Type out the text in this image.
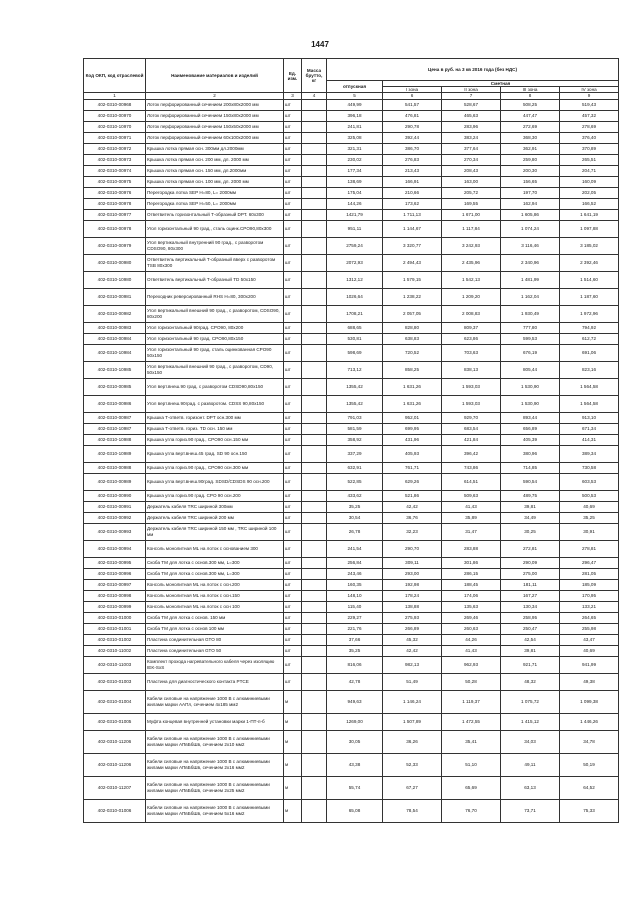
1447
Код ОКП, код отраслевой	Наименование материалов и изделий	Ед. изм.	Масса брутто, кг	Цена в руб. на 3 кв 2016 года (без НДС)				
				отпускная	Сметная			
					I зона	II зона	III зона	IV зона
1	2	3	4	5	6	7	8	9
402-0310-00968	Лоток перфорированный сечением 200х80х2000 мм	шт		449,99	541,57	528,67	508,25	519,43
402-0310-00970	Лоток перфорированный сечением 150х80х2000 мм	шт		396,18	476,81	465,63	447,47	457,32
402-0310-10970	Лоток перфорированный сечением 150х50х2000 мм	шт		241,81	290,78	283,96	272,69	278,69
402-0310-00971	Лоток перфорированный сечением 60х100х2000 мм	шт		325,08	392,44	383,24	368,30	376,40
402-0310-00972	Крышка лотка прямая осн. 300мм дл.2000мм	шт		321,31	386,70	377,64	362,91	370,89
402-0310-00973	Крышка лотка прямая осн. 200 мм, дл. 2000 мм	шт		230,02	276,83	270,34	259,80	265,51
402-0310-00974	Крышка лотка прямая осн. 150 мм, дл.2000мм	шт		177,34	213,43	208,43	200,30	204,71
402-0310-00975	Крышка лотка прямая осн. 100 мм, дл. 2000 мм	шт		138,69	166,91	163,00	156,65	160,09
402-0310-00976	Перегородка лотка SEP H=80, L= 2000мм	шт		175,04	210,66	205,72	197,70	202,05
402-0310-00978	Перегородка лотка SEP H=50, L= 2000мм	шт		144,26	173,62	169,55	162,94	166,52
402-0310-00977	Ответвитель горизонтальный Т-образный DPT. 60х300	шт		1421,79	1 711,13	1 671,00	1 605,86	1 641,19
402-0310-00978	Угол горизонтальный 90 град., сталь оцинк.CPO90,80х300	шт		951,11	1 144,67	1 117,84	1 074,24	1 097,88
402-0310-00979	Угол вертикальный внутренний 90 град., с разворотом CDSO90, 80х300	шт		2759,24	3 320,77	3 242,93	3 116,46	3 185,02
402-0310-00980	Ответвитель вертикальный Т-образный вверх с разворотом TSB 80х300	шт		2072,93	2 494,43	2 435,96	2 340,96	2 392,46
402-0310-10980	Ответвитель вертикальный Т-образный TD 50х150	шт		1312,12	1 579,15	1 542,13	1 481,99	1 514,60
402-0310-00981	Переходник реверсированный RHS H=80, 300х200	шт		1026,64	1 238,22	1 209,20	1 162,04	1 187,60
402-0310-00982	Угол вертикальный внешний 90 град., с разворотом, CDSO90, 80х200	шт		1708,21	2 057,05	2 008,83	1 930,49	1 972,96
402-0310-00983	Угол горизонтальный 90град. CPO90, 80х200	шт		688,65	828,80	809,37	777,80	794,92
402-0310-00984	Угол горизонтальный 90 град. CPO90,80х150	шт		530,81	638,83	623,86	599,53	612,72
402-0310-10984	Угол горизонтальный 90 град. сталь оцинкованная CPO90 50х150	шт		598,69	720,52	703,63	676,19	691,06
402-0310-10985	Угол вертикальный внешний 90 град., с разворотом, CD90, 50х150	шт		713,12	858,25	838,13	805,44	823,16
402-0310-00985	Угол верт.внеш.90 град. с разворотом CDSD90,80х150	шт		1355,42	1 631,26	1 593,03	1 530,90	1 564,58
402-0310-00986	Угол верт.внеш.90град. с разворотом. CDSS 90,80х150	шт		1355,42	1 631,26	1 593,03	1 530,90	1 564,58
402-0310-00987	Крышка Т-ответв. горизонт. DPT осн.300 мм	шт		791,03	952,01	929,70	893,44	913,10
402-0310-10987	Крышка Т-ответв. гориз. TD осн. 150 мм	шт		581,59	699,95	683,54	656,89	671,34
402-0310-10988	Крышка угла гориз.90 град., CPO90 осн.150 мм	шт		358,92	431,96	421,84	405,39	414,31
402-0310-10989	Крышка угла верт.внеш.45 град. SD 90 осн.150	шт		337,29	405,93	396,42	380,96	389,34
402-0310-00988	Крышка угла гориз.90 град., CPO90 осн.300 мм	шт		632,91	761,71	743,86	714,85	730,58
402-0310-00989	Крышка угла верт.внеш.90град. SDSD/CDSDS 90 осн.200	шт		522,85	629,26	614,51	590,54	603,53
402-0310-00990	Крышка угла гориз.90 град. CPO 90 осн.200	шт		433,62	521,86	509,63	489,75	500,53
402-0310-00991	Держатель кабеля TRC шириной 300мм	шт		35,25	42,42	41,43	39,81	40,69
402-0310-00992	Держатель кабеля TRC шириной 200 мм	шт		30,54	36,76	35,89	34,49	35,25
402-0310-00993	Держатель кабеля TRC шириной 150 мм , TRC шириной 100 мм	шт		26,78	32,23	31,47	30,25	30,91
402-0310-00994	Консоль монолитная ML на лоток с основанием 300	шт		241,54	290,70	283,88	272,81	278,81
402-0310-00995	Скоба ТМ для лотка с основ.300 мм, L=300	шт		256,84	309,11	301,86	290,09	296,47
402-0310-00996	Скоба ТМ для лотка с основ.300 мм, L=300	шт		243,46	293,00	286,15	275,00	281,05
402-0310-00997	Консоль монолитная ML на лоток с осн.200	шт		160,35	192,98	188,45	181,11	185,09
402-0310-00998	Консоль монолитная ML на лоток с осн.150	шт		148,10	178,24	174,06	167,27	170,95
402-0310-00999	Консоль монолитная ML на лоток с осн 100	шт		115,40	138,88	135,63	130,34	133,21
402-0310-01000	Скоба ТМ для лотка с основ. 150 мм	шт		229,27	275,93	269,46	258,95	264,65
402-0310-01001	Скоба ТМ для лотка с основ 100 мм	шт		221,76	266,89	260,63	250,47	255,98
402-0310-01002	Пластина соединительная GTO 80	шт		37,66	45,32	44,26	42,54	43,47
402-0310-11002	Пластина соединительная GTO 50	шт		35,25	42,42	41,43	39,81	40,69
402-0310-11003	Комплект прохода нагревательного кабеля через изоляцию IEK-SxS	шт		816,06	982,13	962,93	921,71	941,99
402-0310-01003	Пластина для диагностического контакта PTCE	шт		42,78	51,49	50,28	48,32	49,38
402-0310-01004	Кабели силовые на напряжение 1000 В с алюминиевыми жилами марки ААПл, сечением 4х185 мм2	м		949,63	1 146,24	1 119,37	1 075,72	1 099,38
402-0310-01005	Муфта концевая внутренней установки марки 1-ПТ-п-б	м		1269,00	1 507,89	1 472,55	1 415,12	1 446,26
402-0310-11206	Кабели силовые на напряжение 1000 В с алюминиевыми жилами марки АПвБбШв, сечением 2х10 мм2	м		30,05	36,26	35,41	34,03	34,78
402-0310-11206	Кабели силовые на напряжение 1000 В с алюминиевыми жилами марки АПвБбШв, сечением 2х16 мм2	м		43,38	52,33	51,10	49,11	50,19
402-0310-11207	Кабели силовые на напряжение 1000 В с алюминиевыми жилами марки АПвБбШв, сечением 2х25 мм2	м		55,74	67,27	65,69	63,13	64,52
402-0310-01006	Кабели силовые на напряжение 1000 В с алюминиевыми жилами марки АПвБбШв, сечением 5х16 мм2	м		65,08	78,54	76,70	73,71	75,33
